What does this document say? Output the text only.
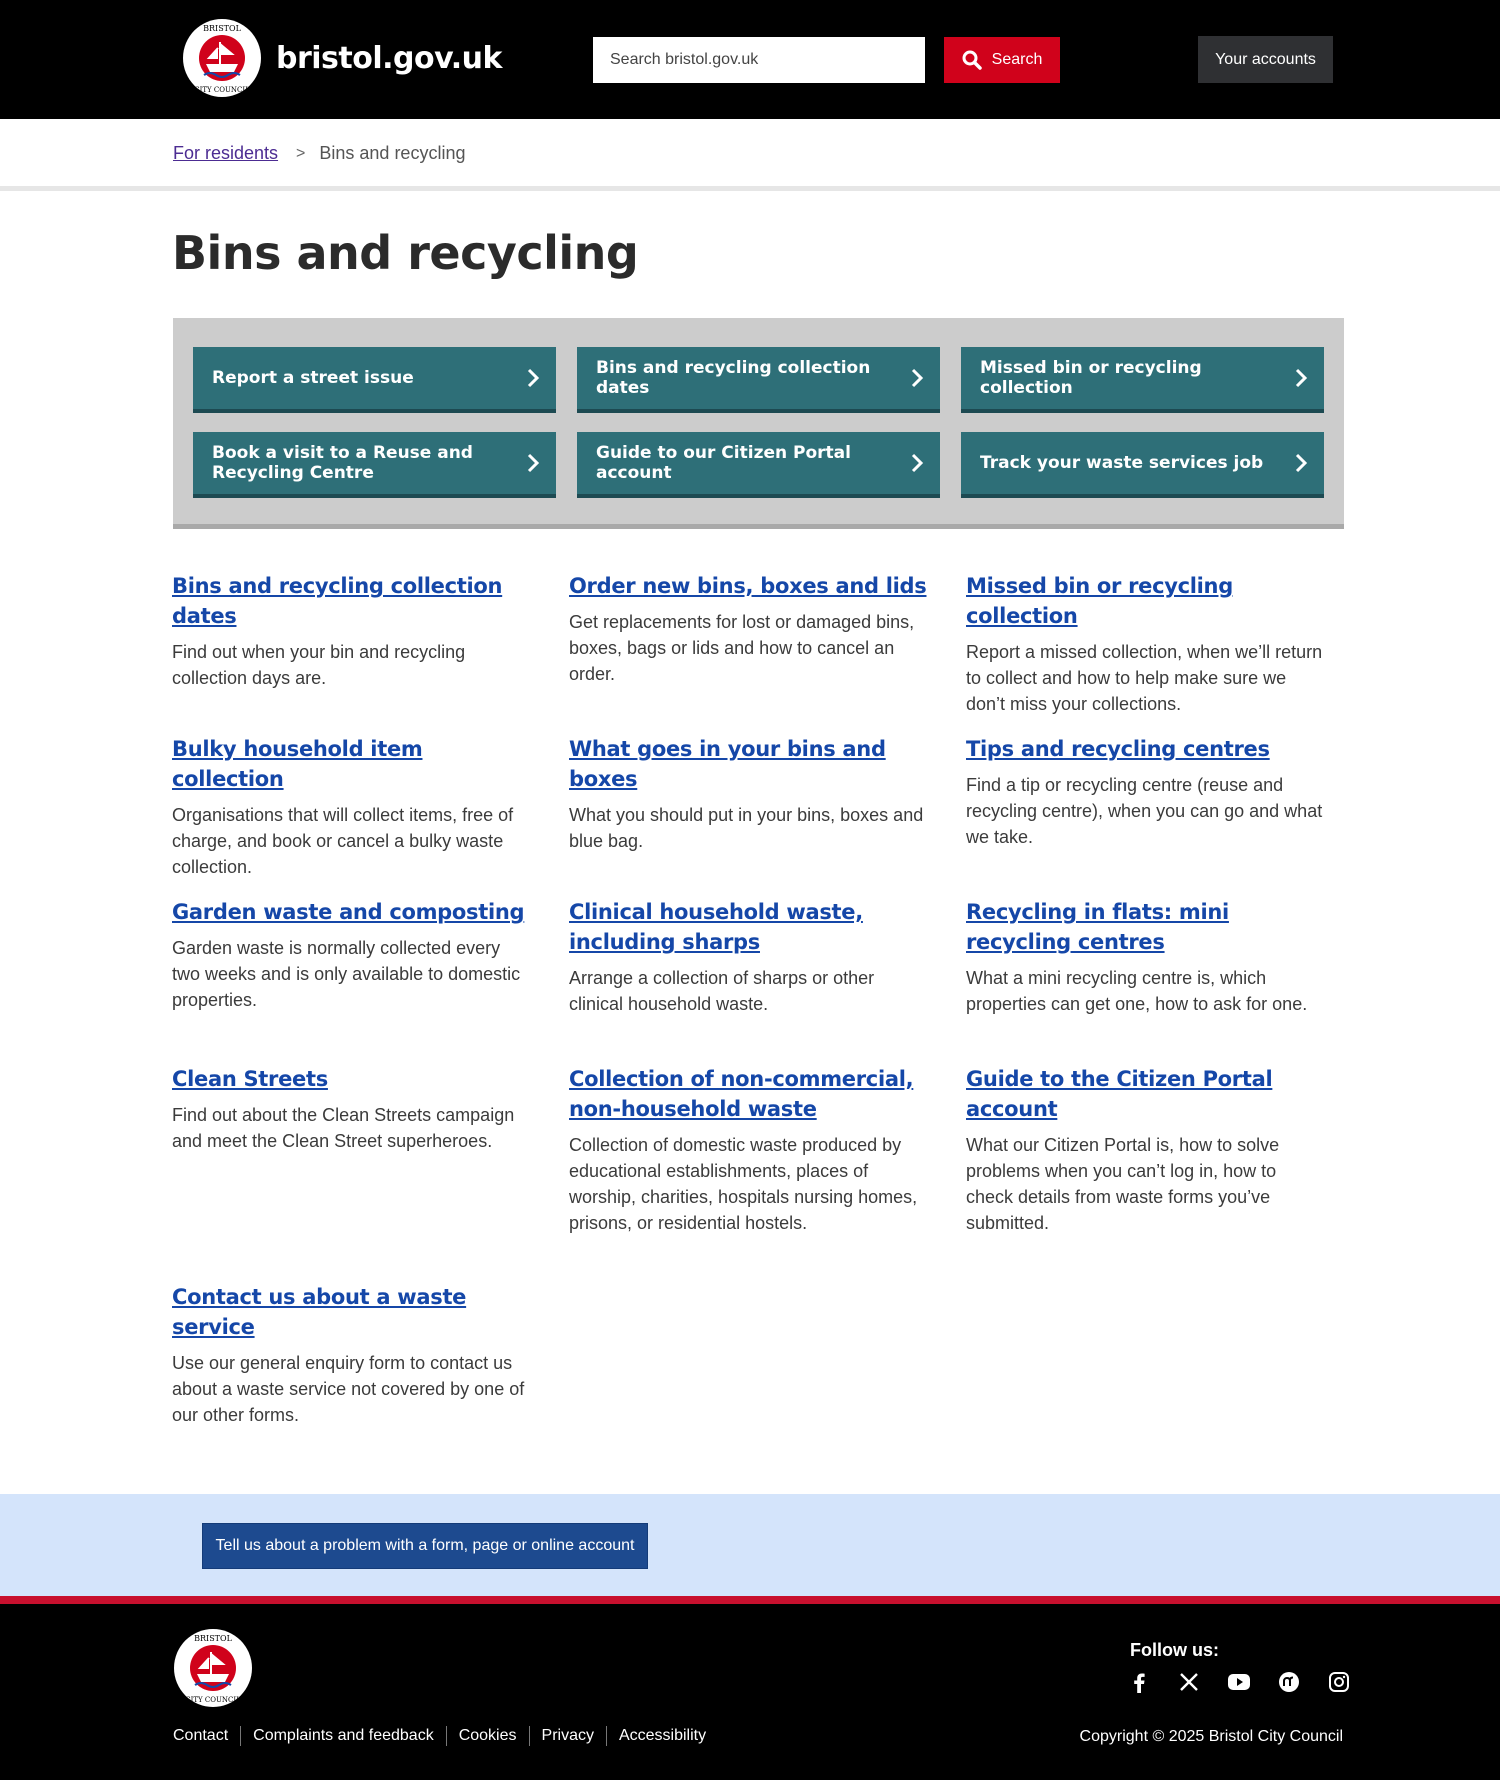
BRISTOL
CITY COUNCIL
bristol.gov.uk
Search bristol.gov.uk	Search	Your accounts
For residents > Bins and recycling
Bins and recycling
Report a street issue	Bins and recycling collection dates
Missed bin or recycling collection
Book a visit to a Reuse and Recycling Centre
Guide to our Citizen Portal account	Track your waste services job
Bins and recycling collection dates

Find out when your bin and recycling collection days are.

Order new bins, boxes and lids

Get replacements for lost or damaged bins, boxes, bags or lids and how to cancel an order.

Missed bin or recycling collection

Report a missed collection, when we’ll return to collect and how to help make sure we don’t miss your collections.

Bulky household item collection

Organisations that will collect items, free of charge, and book or cancel a bulky waste collection.

What goes in your bins and boxes

What you should put in your bins, boxes and blue bag.

Tips and recycling centres

Find a tip or recycling centre (reuse and recycling centre), when you can go and what we take.

Garden waste and composting

Garden waste is normally collected every two weeks and is only available to domestic properties.

Clinical household waste, including sharps

Arrange a collection of sharps or other clinical household waste.

Recycling in flats: mini recycling centres

What a mini recycling centre is, which properties can get one, how to ask for one.

Clean Streets

Find out about the Clean Streets campaign and meet the Clean Street superheroes.

Collection of non-commercial, non-household waste

Collection of domestic waste produced by educational establishments, places of worship, charities, hospitals nursing homes, prisons, or residential hostels.

Guide to the Citizen Portal account

What our Citizen Portal is, how to solve problems when you can’t log in, how to check details from waste forms you’ve submitted.

Contact us about a waste service

Use our general enquiry form to contact us about a waste service not covered by one of our other forms.

Tell us about a problem with a form, page or online account
BRISTOL
CITY COUNCIL
Follow us:
Contact Complaints and feedback Cookies Privacy Accessibility	Copyright © 2025 Bristol City Council
